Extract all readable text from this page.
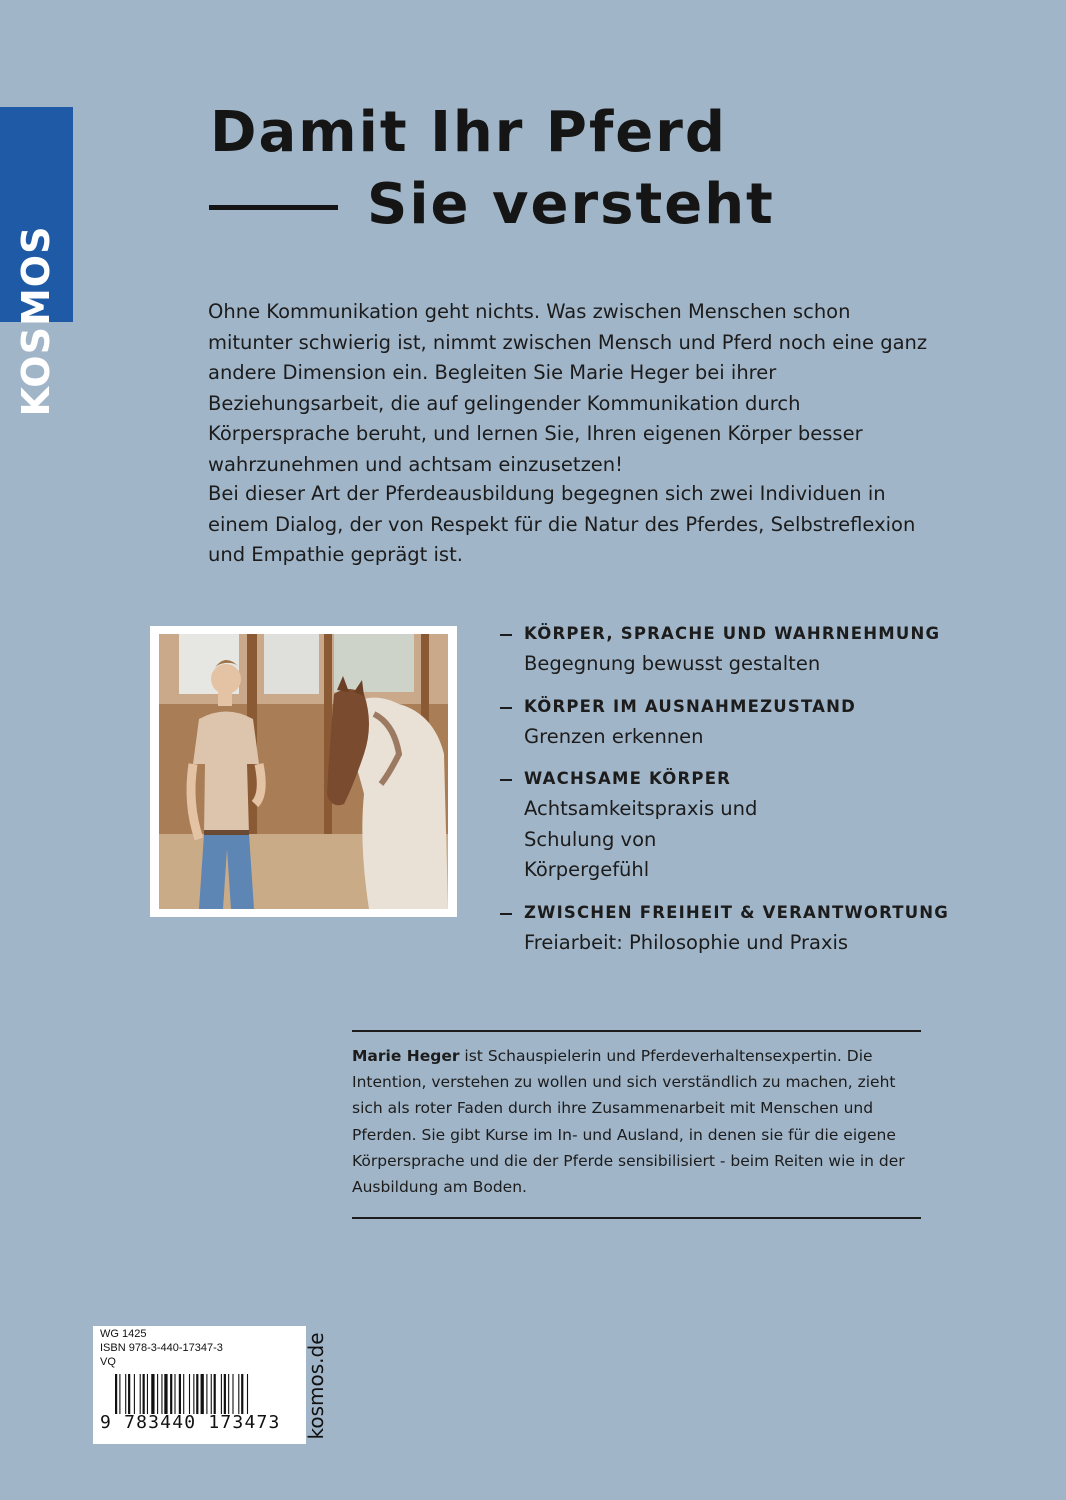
KOSMOS
Damit Ihr Pferd
Sie versteht

Ohne Kommunikation geht nichts. Was zwischen Menschen schon mitunter schwierig ist, nimmt zwischen Mensch und Pferd noch eine ganz andere Dimension ein. Begleiten Sie Marie Heger bei ihrer Beziehungsarbeit, die auf gelingender Kommunikation durch Körpersprache beruht, und lernen Sie, Ihren eigenen Körper besser wahrzunehmen und achtsam einzusetzen!

Bei dieser Art der Pferdeausbildung begegnen sich zwei Individuen in einem Dialog, der von Respekt für die Natur des Pferdes, Selbstreflexion und Empathie geprägt ist.

KÖRPER, SPRACHE UND WAHRNEHMUNG
Begegnung bewusst gestalten
KÖRPER IM AUSNAHMEZUSTAND
Grenzen erkennen
WACHSAME KÖRPER
Achtsamkeitspraxis und Schulung von Körpergefühl
ZWISCHEN FREIHEIT & VERANTWORTUNG
Freiarbeit: Philosophie und Praxis
Marie Heger ist Schauspielerin und Pferdeverhaltensexpertin. Die Intention, verstehen zu wollen und sich verständlich zu machen, zieht sich als roter Faden durch ihre Zusammenarbeit mit Menschen und Pferden. Sie gibt Kurse im In- und Ausland, in denen sie für die eigene Körpersprache und die der Pferde sensibilisiert - beim Reiten wie in der Ausbildung am Boden.
WG 1425
ISBN 978-3-440-17347-3
VQ
9 783440 173473	kosmos.de
